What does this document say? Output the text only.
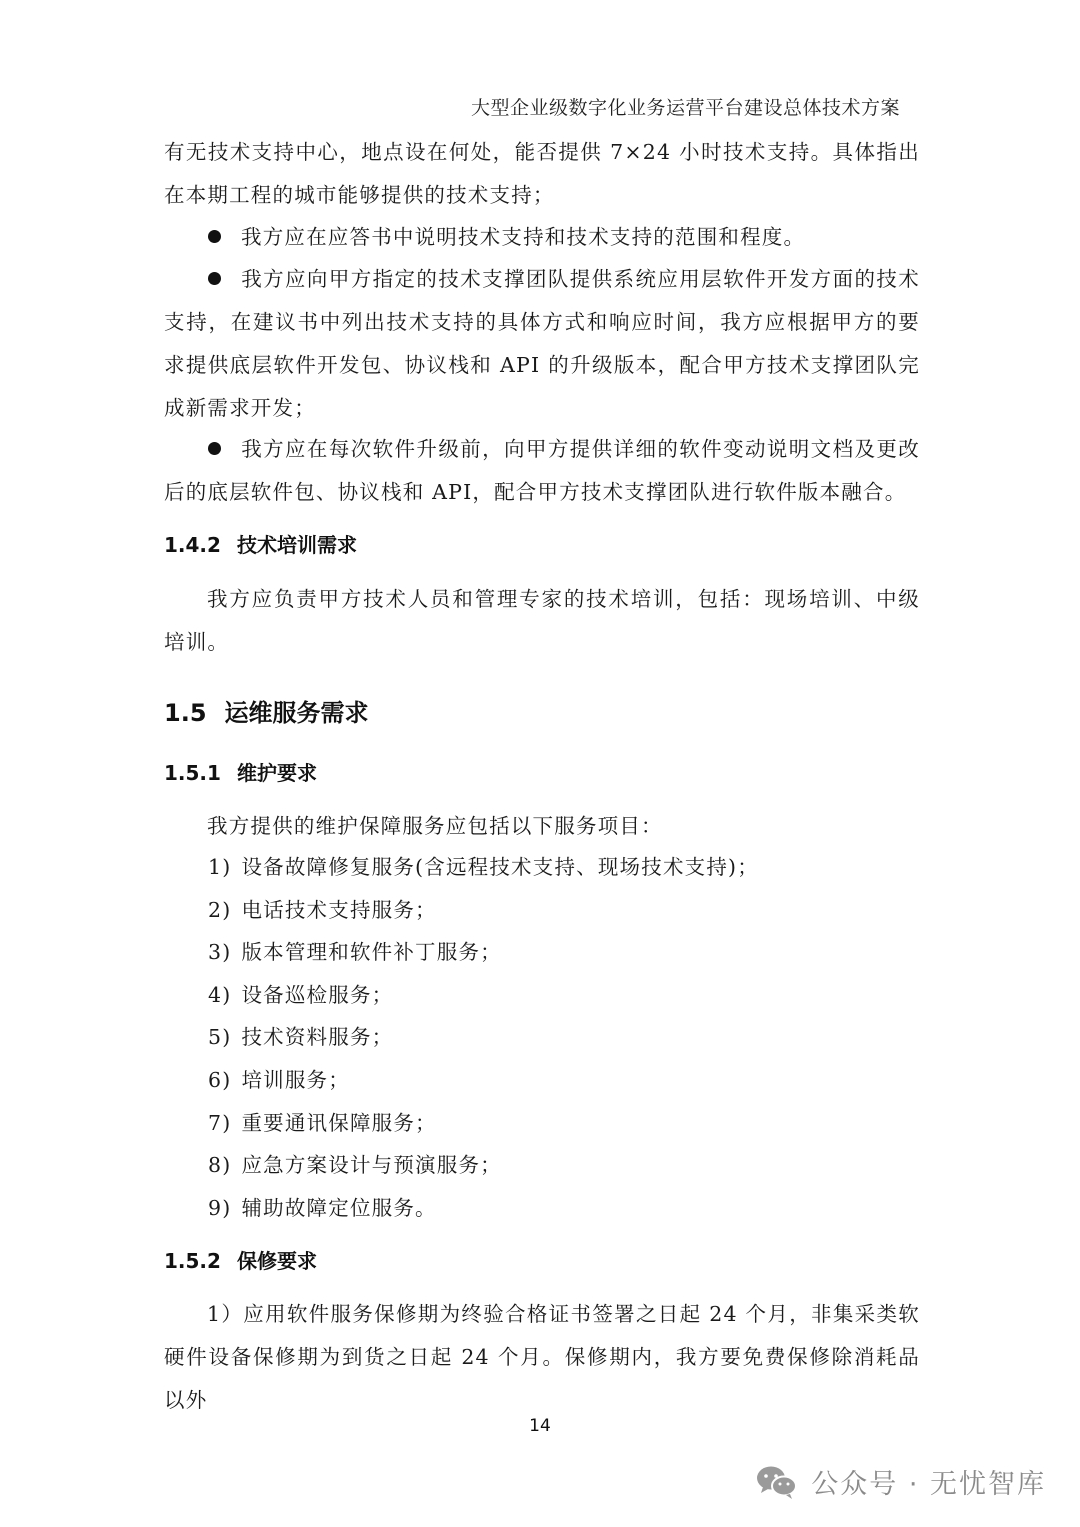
大型企业级数字化业务运营平台建设总体技术方案

有无技术支持中心，地点设在何处，能否提供 7×24 小时技术支持。具体指出在本期工程的城市能够提供的技术支持；

我方应在应答书中说明技术支持和技术支持的范围和程度。

我方应向甲方指定的技术支撑团队提供系统应用层软件开发方面的技术支持，在建议书中列出技术支持的具体方式和响应时间，我方应根据甲方的要求提供底层软件开发包、协议栈和 API 的升级版本，配合甲方技术支撑团队完成新需求开发；

我方应在每次软件升级前，向甲方提供详细的软件变动说明文档及更改后的底层软件包、协议栈和 API，配合甲方技术支撑团队进行软件版本融合。

1.4.2 技术培训需求

我方应负责甲方技术人员和管理专家的技术培训，包括：现场培训、中级培训。

1.5 运维服务需求
1.5.1 维护要求

我方提供的维护保障服务应包括以下服务项目：

1) 设备故障修复服务(含远程技术支持、现场技术支持)；
2) 电话技术支持服务；
3) 版本管理和软件补丁服务；
4) 设备巡检服务；
5) 技术资料服务；
6) 培训服务；
7) 重要通讯保障服务；
8) 应急方案设计与预演服务；
9) 辅助故障定位服务。
1.5.2 保修要求

1）应用软件服务保修期为终验合格证书签署之日起 24 个月，非集采类软硬件设备保修期为到货之日起 24 个月。保修期内，我方要免费保修除消耗品以外

14
公众号 · 无忧智库
